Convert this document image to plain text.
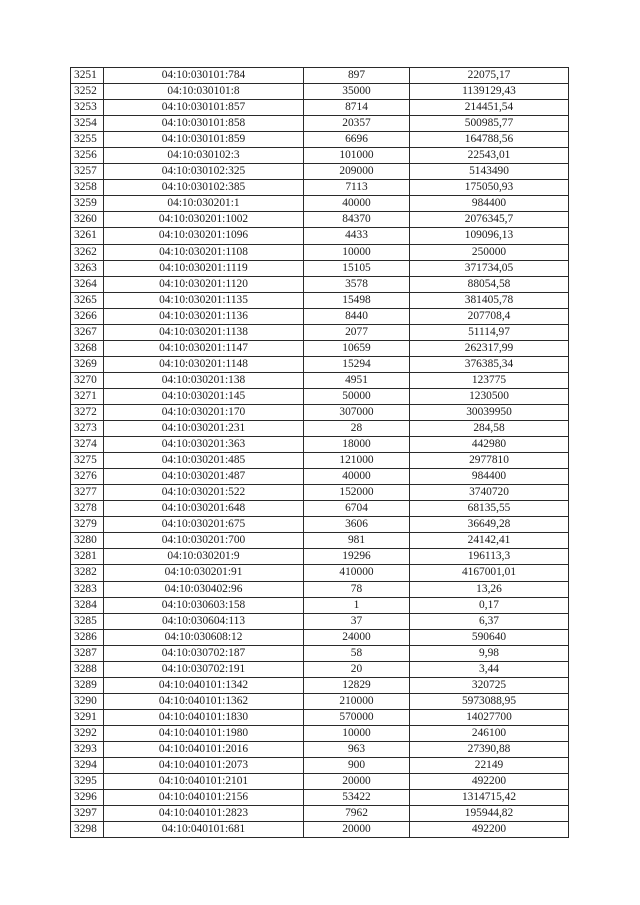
3251	04:10:030101:784	897	22075,17
3252	04:10:030101:8	35000	1139129,43
3253	04:10:030101:857	8714	214451,54
3254	04:10:030101:858	20357	500985,77
3255	04:10:030101:859	6696	164788,56
3256	04:10:030102:3	101000	22543,01
3257	04:10:030102:325	209000	5143490
3258	04:10:030102:385	7113	175050,93
3259	04:10:030201:1	40000	984400
3260	04:10:030201:1002	84370	2076345,7
3261	04:10:030201:1096	4433	109096,13
3262	04:10:030201:1108	10000	250000
3263	04:10:030201:1119	15105	371734,05
3264	04:10:030201:1120	3578	88054,58
3265	04:10:030201:1135	15498	381405,78
3266	04:10:030201:1136	8440	207708,4
3267	04:10:030201:1138	2077	51114,97
3268	04:10:030201:1147	10659	262317,99
3269	04:10:030201:1148	15294	376385,34
3270	04:10:030201:138	4951	123775
3271	04:10:030201:145	50000	1230500
3272	04:10:030201:170	307000	30039950
3273	04:10:030201:231	28	284,58
3274	04:10:030201:363	18000	442980
3275	04:10:030201:485	121000	2977810
3276	04:10:030201:487	40000	984400
3277	04:10:030201:522	152000	3740720
3278	04:10:030201:648	6704	68135,55
3279	04:10:030201:675	3606	36649,28
3280	04:10:030201:700	981	24142,41
3281	04:10:030201:9	19296	196113,3
3282	04:10:030201:91	410000	4167001,01
3283	04:10:030402:96	78	13,26
3284	04:10:030603:158	1	0,17
3285	04:10:030604:113	37	6,37
3286	04:10:030608:12	24000	590640
3287	04:10:030702:187	58	9,98
3288	04:10:030702:191	20	3,44
3289	04:10:040101:1342	12829	320725
3290	04:10:040101:1362	210000	5973088,95
3291	04:10:040101:1830	570000	14027700
3292	04:10:040101:1980	10000	246100
3293	04:10:040101:2016	963	27390,88
3294	04:10:040101:2073	900	22149
3295	04:10:040101:2101	20000	492200
3296	04:10:040101:2156	53422	1314715,42
3297	04:10:040101:2823	7962	195944,82
3298	04:10:040101:681	20000	492200
